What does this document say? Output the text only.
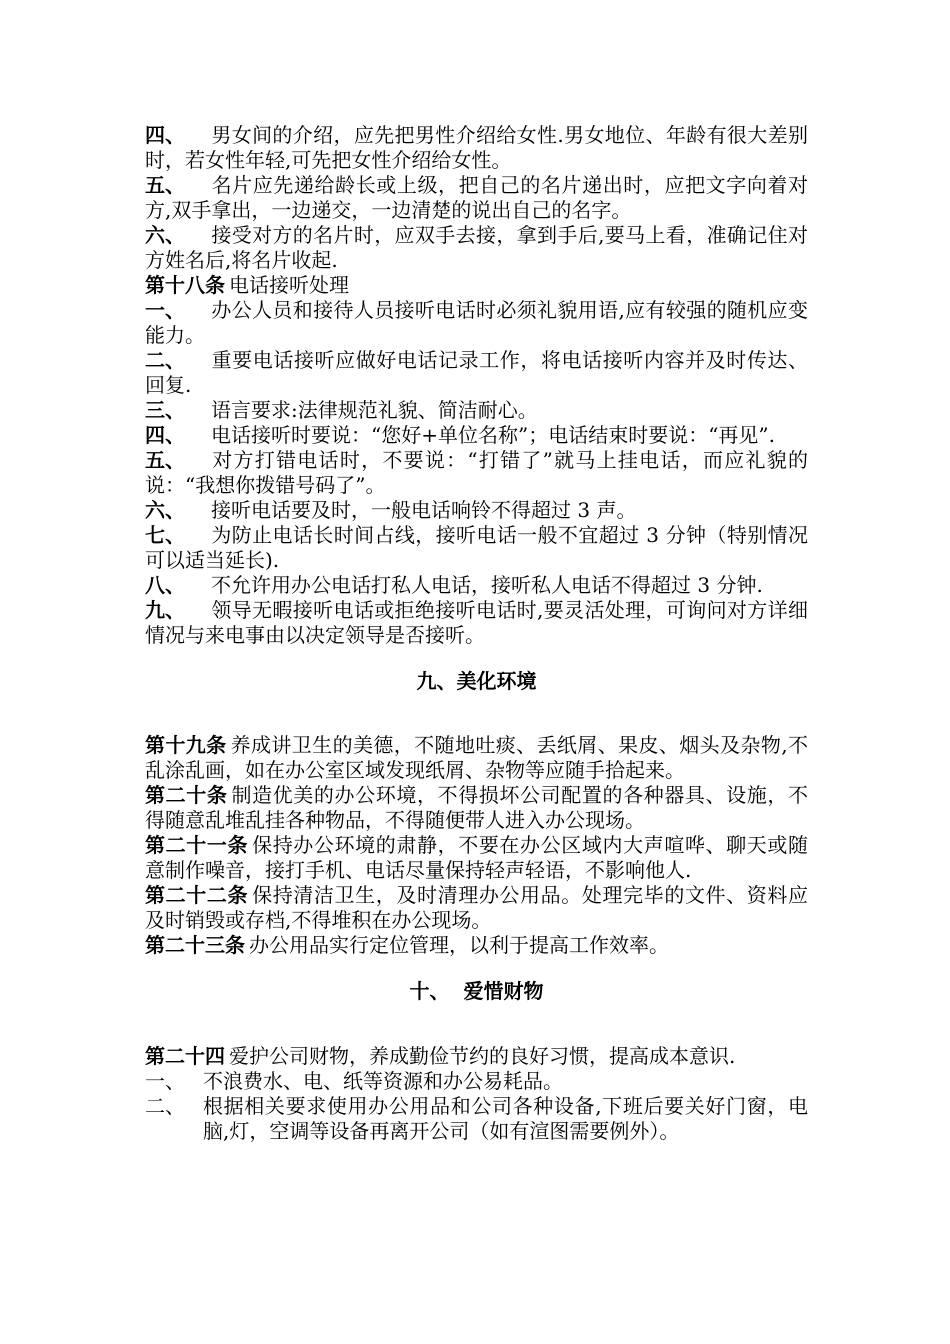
四、 男女间的介绍，应先把男性介绍给女性.男女地位、年龄有很大差别时，若女性年轻,可先把女性介绍给女性。

五、 名片应先递给龄长或上级，把自己的名片递出时，应把文字向着对方,双手拿出，一边递交，一边清楚的说出自己的名字。

六、 接受对方的名片时，应双手去接，拿到手后,要马上看，准确记住对方姓名后,将名片收起.

第十八条 电话接听处理

一、 办公人员和接待人员接听电话时必须礼貌用语,应有较强的随机应变能力。

二、 重要电话接听应做好电话记录工作，将电话接听内容并及时传达、回复.

三、 语言要求:法律规范礼貌、简洁耐心。

四、 电话接听时要说：“您好+单位名称”；电话结束时要说：“再见”.

五、 对方打错电话时，不要说：“打错了”就马上挂电话，而应礼貌的说：“我想你拨错号码了”。

六、 接听电话要及时，一般电话响铃不得超过 3 声。

七、 为防止电话长时间占线，接听电话一般不宜超过 3 分钟（特别情况可以适当延长).

八、 不允许用办公电话打私人电话，接听私人电话不得超过 3 分钟.

九、 领导无暇接听电话或拒绝接听电话时,要灵活处理，可询问对方详细情况与来电事由以决定领导是否接听。

九、美化环境

第十九条 养成讲卫生的美德，不随地吐痰、丢纸屑、果皮、烟头及杂物,不乱涂乱画，如在办公室区域发现纸屑、杂物等应随手拾起来。

第二十条 制造优美的办公环境，不得损坏公司配置的各种器具、设施，不得随意乱堆乱挂各种物品，不得随便带人进入办公现场。

第二十一条 保持办公环境的肃静，不要在办公区域内大声喧哗、聊天或随意制作噪音，接打手机、电话尽量保持轻声轻语，不影响他人.

第二十二条 保持清洁卫生，及时清理办公用品。处理完毕的文件、资料应及时销毁或存档,不得堆积在办公现场。

第二十三条 办公用品实行定位管理，以利于提高工作效率。

十、  爱惜财物

第二十四 爱护公司财物，养成勤俭节约的良好习惯，提高成本意识.

一、 不浪费水、电、纸等资源和办公易耗品。
二、 根据相关要求使用办公用品和公司各种设备,下班后要关好门窗，电脑,灯，空调等设备再离开公司（如有渲图需要例外）。
